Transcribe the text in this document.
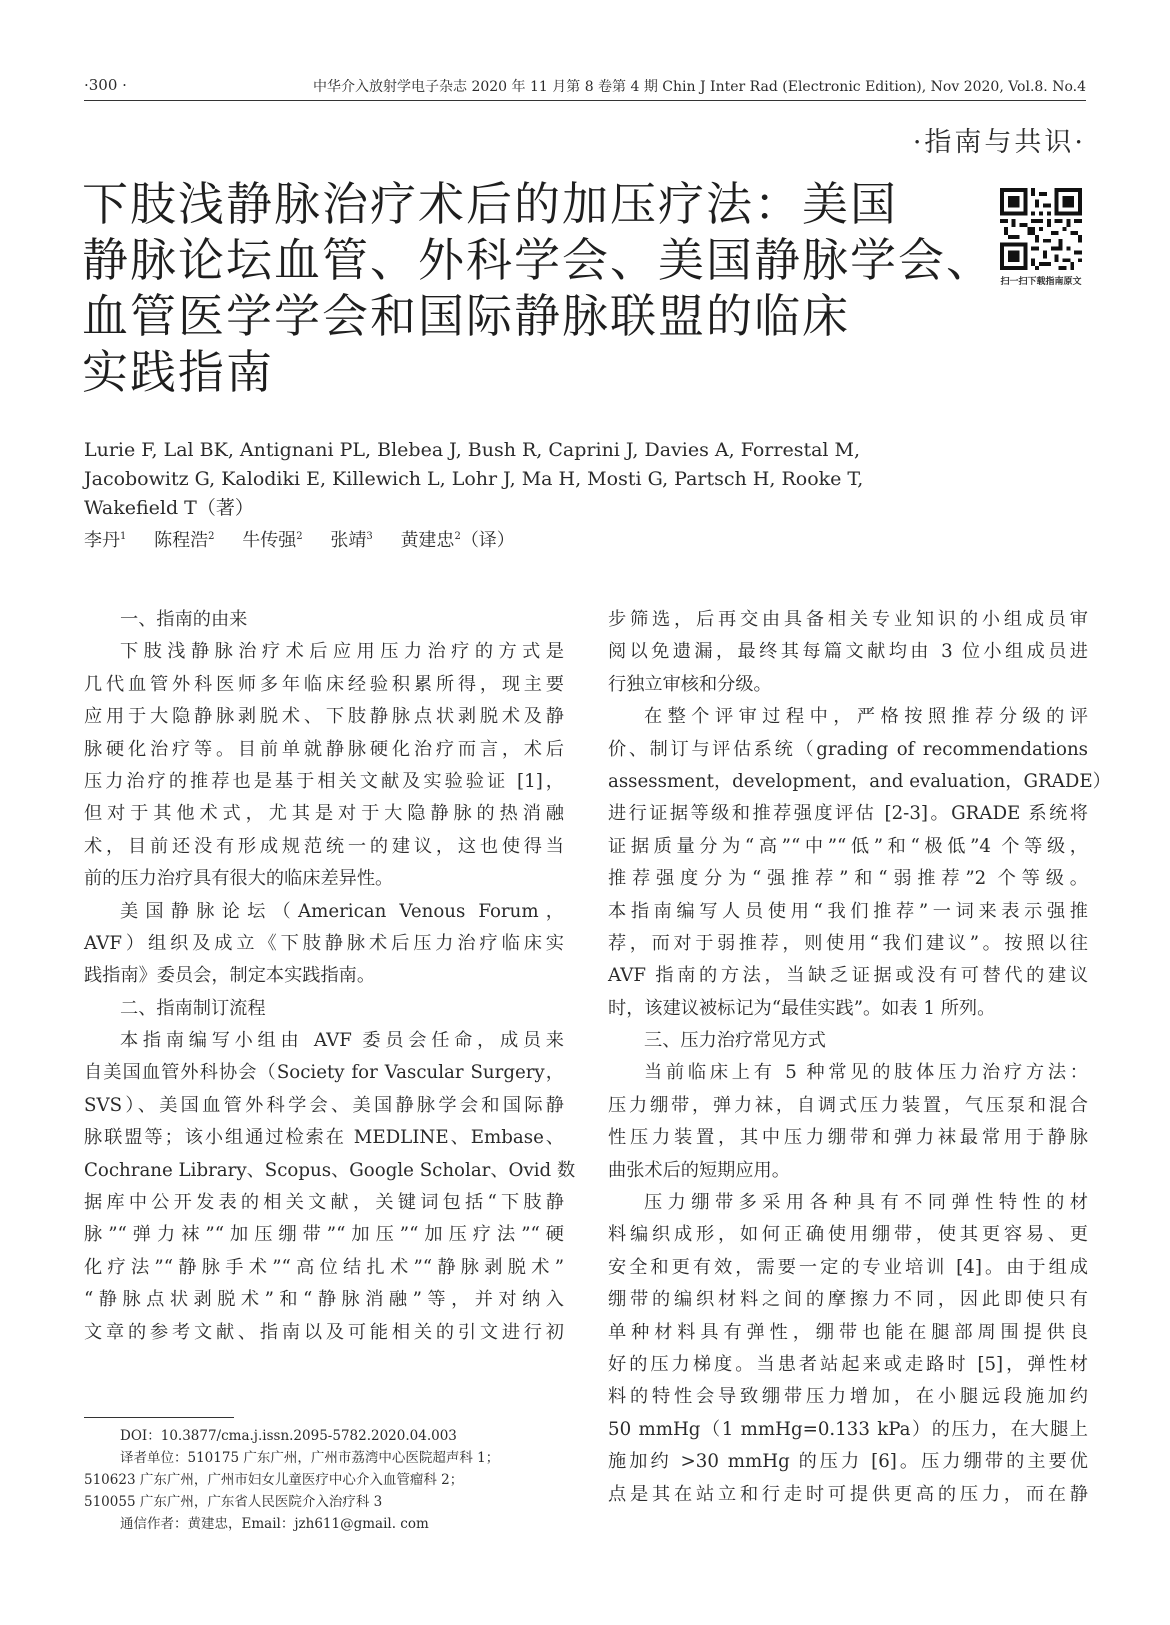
·300 ·	中华介入放射学电子杂志 2020 年 11 月第 8 卷第 4 期 Chin J Inter Rad (Electronic Edition), Nov 2020, Vol.8. No.4
·指南与共识·
下肢浅静脉治疗术后的加压疗法：美国
静脉论坛血管、外科学会、美国静脉学会、
血管医学学会和国际静脉联盟的临床
实践指南
扫一扫下载指南原文
Lurie F, Lal BK, Antignani PL, Blebea J, Bush R, Caprini J, Davies A, Forrestal M,
Jacobowitz G, Kalodiki E, Killewich L, Lohr J, Ma H, Mosti G, Partsch H, Rooke T,
Wakefield T（著）
李丹$^1$ 陈程浩$^2$ 牛传强$^2$ 张靖$^3$ 黄建忠$^2$（译）
一、指南的由来
下肢浅静脉治疗术后应用压力治疗的方式是
几代血管外科医师多年临床经验积累所得，现主要
应用于大隐静脉剥脱术、下肢静脉点状剥脱术及静
脉硬化治疗等。目前单就静脉硬化治疗而言，术后
压力治疗的推荐也是基于相关文献及实验验证 [1]，
但对于其他术式，尤其是对于大隐静脉的热消融
术，目前还没有形成规范统一的建议，这也使得当
前的压力治疗具有很大的临床差异性。
美国静脉论坛（American Venous Forum，
AVF）组织及成立《下肢静脉术后压力治疗临床实
践指南》委员会，制定本实践指南。
二、指南制订流程
本指南编写小组由 AVF 委员会任命，成员来
自美国血管外科协会（Society for Vascular Surgery，
SVS）、美国血管外科学会、美国静脉学会和国际静
脉联盟等；该小组通过检索在 MEDLINE、Embase、
Cochrane Library、Scopus、Google Scholar、Ovid 数
据库中公开发表的相关文献，关键词包括“下肢静
脉”“弹力袜”“加压绷带”“加压”“加压疗法”“硬
化疗法”“静脉手术”“高位结扎术”“静脉剥脱术”
“静脉点状剥脱术”和“静脉消融”等，并对纳入
文章的参考文献、指南以及可能相关的引文进行初
DOI：10.3877/cma.j.issn.2095-5782.2020.04.003
译者单位：510175 广东广州，广州市荔湾中心医院超声科 1；
510623 广东广州，广州市妇女儿童医疗中心介入血管瘤科 2；
510055 广东广州，广东省人民医院介入治疗科 3
通信作者：黄建忠，Email：jzh611@gmail. com
步筛选，后再交由具备相关专业知识的小组成员审
阅以免遗漏，最终其每篇文献均由 3 位小组成员进
行独立审核和分级。
在整个评审过程中，严格按照推荐分级的评
价、制订与评估系统（grading of recommendations
assessment，development，and evaluation，GRADE）
进行证据等级和推荐强度评估 [2-3]。GRADE 系统将
证据质量分为“高”“中”“低”和“极低”4 个等级，
推荐强度分为“强推荐”和“弱推荐”2 个等级。
本指南编写人员使用“我们推荐”一词来表示强推
荐，而对于弱推荐，则使用“我们建议”。按照以往
AVF 指南的方法，当缺乏证据或没有可替代的建议
时，该建议被标记为“最佳实践”。如表 1 所列。
三、压力治疗常见方式
当前临床上有 5 种常见的肢体压力治疗方法：
压力绷带，弹力袜，自调式压力装置，气压泵和混合
性压力装置，其中压力绷带和弹力袜最常用于静脉
曲张术后的短期应用。
压力绷带多采用各种具有不同弹性特性的材
料编织成形，如何正确使用绷带，使其更容易、更
安全和更有效，需要一定的专业培训 [4]。由于组成
绷带的编织材料之间的摩擦力不同，因此即使只有
单种材料具有弹性，绷带也能在腿部周围提供良
好的压力梯度。当患者站起来或走路时 [5]，弹性材
料的特性会导致绷带压力增加，在小腿远段施加约
50 mmHg（1 mmHg=0.133 kPa）的压力，在大腿上
施加约 >30 mmHg 的压力 [6]。压力绷带的主要优
点是其在站立和行走时可提供更高的压力，而在静
